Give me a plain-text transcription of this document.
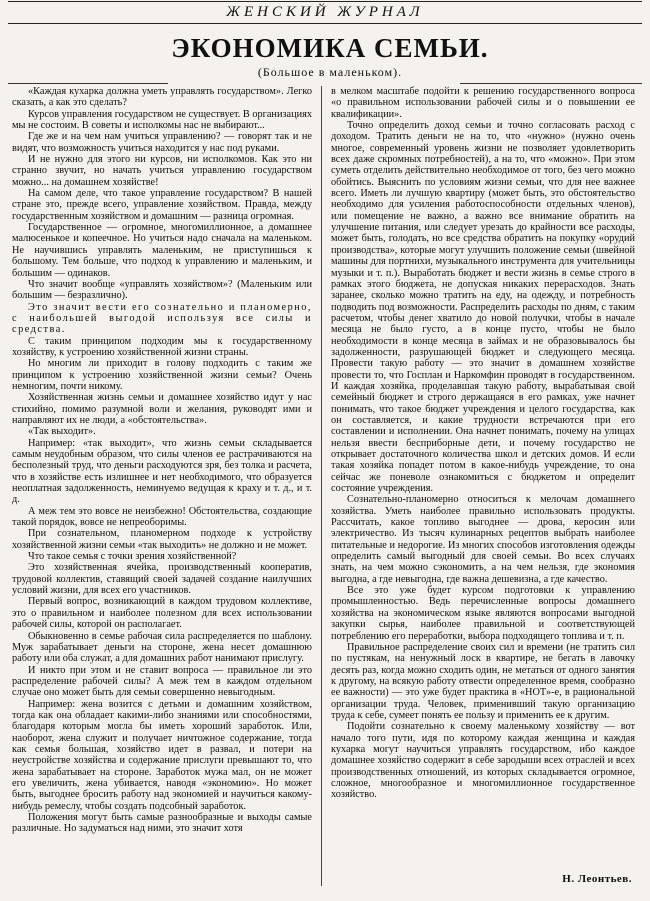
ЖЕНСКИЙ ЖУРНАЛ
ЭКОНОМИКА СЕМЬИ.
(Большое в маленьком).

«Каждая кухарка должна уметь управлять государством». Легко сказать, а как это сделать?

Курсов управления государством не существует. В организациях мы не состоим. В советы и исполкомы нас не выбирают...

Где же и на чем нам учиться управлению? — говорят так и не видят, что возможность учиться находится у нас под руками.

И не нужно для этого ни курсов, ни исполкомов. Как это ни странно звучит, но начать учиться управлению государством можно... на домашнем хозяйстве!

На самом деле, что такое управление государством? В нашей стране это, прежде всего, управление хозяйством. Правда, между государственным хозяйством и домашним — разница огромная.

Государственное — огромное, многомиллионное, а домашнее малюсенькое и копеечное. Но учиться надо сначала на маленьком. Не научившись управлять маленьким, не приступишься к большому. Тем больше, что подход к управлению и маленьким, и большим — одинаков.

Что значит вообще «управлять хозяйством»? (Маленьким или большим — безразлично).

Это значит вести его сознательно и планомерно, с наибольшей выгодой используя все силы и средства.

С таким принципом подходим мы к государственному хозяйству, к устроению хозяйственной жизни страны.

Но многим ли приходит в голову подходить с таким же принципом к устроению хозяйственной жизни семьи? Очень немногим, почти никому.

Хозяйственная жизнь семьи и домашнее хозяйство идут у нас стихийно, помимо разумной воли и желания, руководят ими и направляют их не люди, а «обстоятельства».

«Так выходит».

Например: «так выходит», что жизнь семьи складывается самым неудобным образом, что силы членов ее растрачиваются на бесполезный труд, что деньги расходуются зря, без толка и расчета, что в хозяйстве есть излишнее и нет необходимого, что образуется неоплатная задолженность, неминуемо ведущая к краху и т. д., и т. д.

А меж тем это вовсе не неизбежно! Обстоятельства, создающие такой порядок, вовсе не непреоборимы.

При сознательном, планомерном подходе к устройству хозяйственной жизни семьи «так выходить» не должно и не может.

Что такое семья с точки зрения хозяйственной?

Это хозяйственная ячейка, производственный кооператив, трудовой коллектив, ставящий своей задачей создание наилучших условий жизни, для всех его участников.

Первый вопрос, возникающий в каждом трудовом коллективе, это о правильном и наиболее полезном для всех использовании рабочей силы, которой он располагает.

Обыкновенно в семье рабочая сила распределяется по шаблону. Муж зарабатывает деньги на стороне, жена несет домашнюю работу или оба служат, а для домашних работ нанимают прислугу.

И никто при этом и не ставит вопроса — правильное ли это распределение рабочей силы? А меж тем в каждом отдельном случае оно может быть для семьи совершенно невыгодным.

Например: жена возится с детьми и домашним хозяйством, тогда как она обладает какими-либо знаниями или способностями, благодаря которым могла бы иметь хороший заработок. Или, наоборот, жена служит и получает ничтожное содержание, тогда как семья большая, хозяйство идет в развал, и потери на неустройстве хозяйства и содержание прислуги превышают то, что жена зарабатывает на стороне. Заработок мужа мал, он не может его увеличить, жена убивается, наводя «экономию». Но может быть, выгоднее бросить работу над экономией и научиться какому-нибудь ремеслу, чтобы создать подсобный заработок.

Положения могут быть самые разнообразные и выходы самые различные. Но задуматься над ними, это значит хотя

в мелком масштабе подойти к решению государственного вопроса «о правильном использовании рабочей силы и о повышении ее квалификации».

Точно определить доход семьи и точно согласовать расход с доходом. Тратить деньги не на то, что «нужно» (нужно очень многое, современный уровень жизни не позволяет удовлетворить всех даже скромных потребностей), а на то, что «можно». При этом суметь отделить действительно необходимое от того, без чего можно обойтись. Выяснить по условиям жизни семьи, что для нее важнее всего. Иметь ли лучшую квартиру (может быть, это обстоятельство необходимо для усиления работоспособности отдельных членов), или помещение не важно, а важно все внимание обратить на улучшение питания, или следует урезать до крайности все расходы, может быть, голодать, но все средства обратить на покупку «орудий производства», которые могут улучшить положение семьи (швейной машины для портнихи, музыкального инструмента для учительницы музыки и т. п.). Выработать бюджет и вести жизнь в семье строго в рамках этого бюджета, не допуская никаких перерасходов. Знать заранее, сколько можно тратить на еду, на одежду, и потребность подводить под возможности. Распределить расходы по дням, с таким расчетом, чтобы денег хватило до новой получки, чтобы в начале месяца не было густо, а в конце пусто, чтобы не было необходимости в конце месяца в займах и не образовывалось бы задолженности, разрушающей бюджет и следующего месяца. Провести такую работу — это значит в домашнем хозяйстве провести то, что Госплан и Наркомфин проводят в государственном. И каждая хозяйка, проделавшая такую работу, вырабатывая свой семейный бюджет и строго держащаяся в его рамках, уже начнет понимать, что такое бюджет учреждения и целого государства, как он составляется, и какие трудности встречаются при его составлении и исполнении. Она начнет понимать, почему на улицах нельзя ввести бесприборные дети, и почему государство не открывает достаточного количества школ и детских домов. И если такая хозяйка попадет потом в какое-нибудь учреждение, то она сейчас же поневоле ознакомиться с бюджетом и определит состояние учреждения.

Сознательно-планомерно относиться к мелочам домашнего хозяйства. Уметь наиболее правильно использовать продукты. Рассчитать, какое топливо выгоднее — дрова, керосин или электричество. Из тысяч кулинарных рецептов выбрать наиболее питательные и недорогие. Из многих способов изготовления одежды определить самый выгодный для своей семьи. Во всех случаях знать, на чем можно сэкономить, а на чем нельзя, где экономия выгодна, а где невыгодна, где важна дешевизна, а где качество.

Все это уже будет курсом подготовки к управлению промышленностью. Ведь перечисленные вопросы домашнего хозяйства на экономическом языке являются вопросами выгодной закупки сырья, наиболее правильной и соответствующей потреблению его переработки, выбора подходящего топлива и т. п.

Правильное распределение своих сил и времени (не тратить сил по пустякам, на ненужный лоск в квартире, не бегать в лавочку десять раз, когда можно сходить один, не метаться от одного занятия к другому, на всякую работу отвести определенное время, сообразно ее важности) — это уже будет практика в «НОТ»-е, в рациональной организации труда. Человек, применивший такую организацию труда к себе, сумеет понять ее пользу и применить ее к другим.

Подойти сознательно к своему маленькому хозяйству — вот начало того пути, идя по которому каждая женщина и каждая кухарка могут научиться управлять государством, ибо каждое домашнее хозяйство содержит в себе зародыши всех отраслей и всех производственных отношений, из которых складывается огромное, сложное, многообразное и многомиллионное государственное хозяйство.

Н. Леонтьев.
